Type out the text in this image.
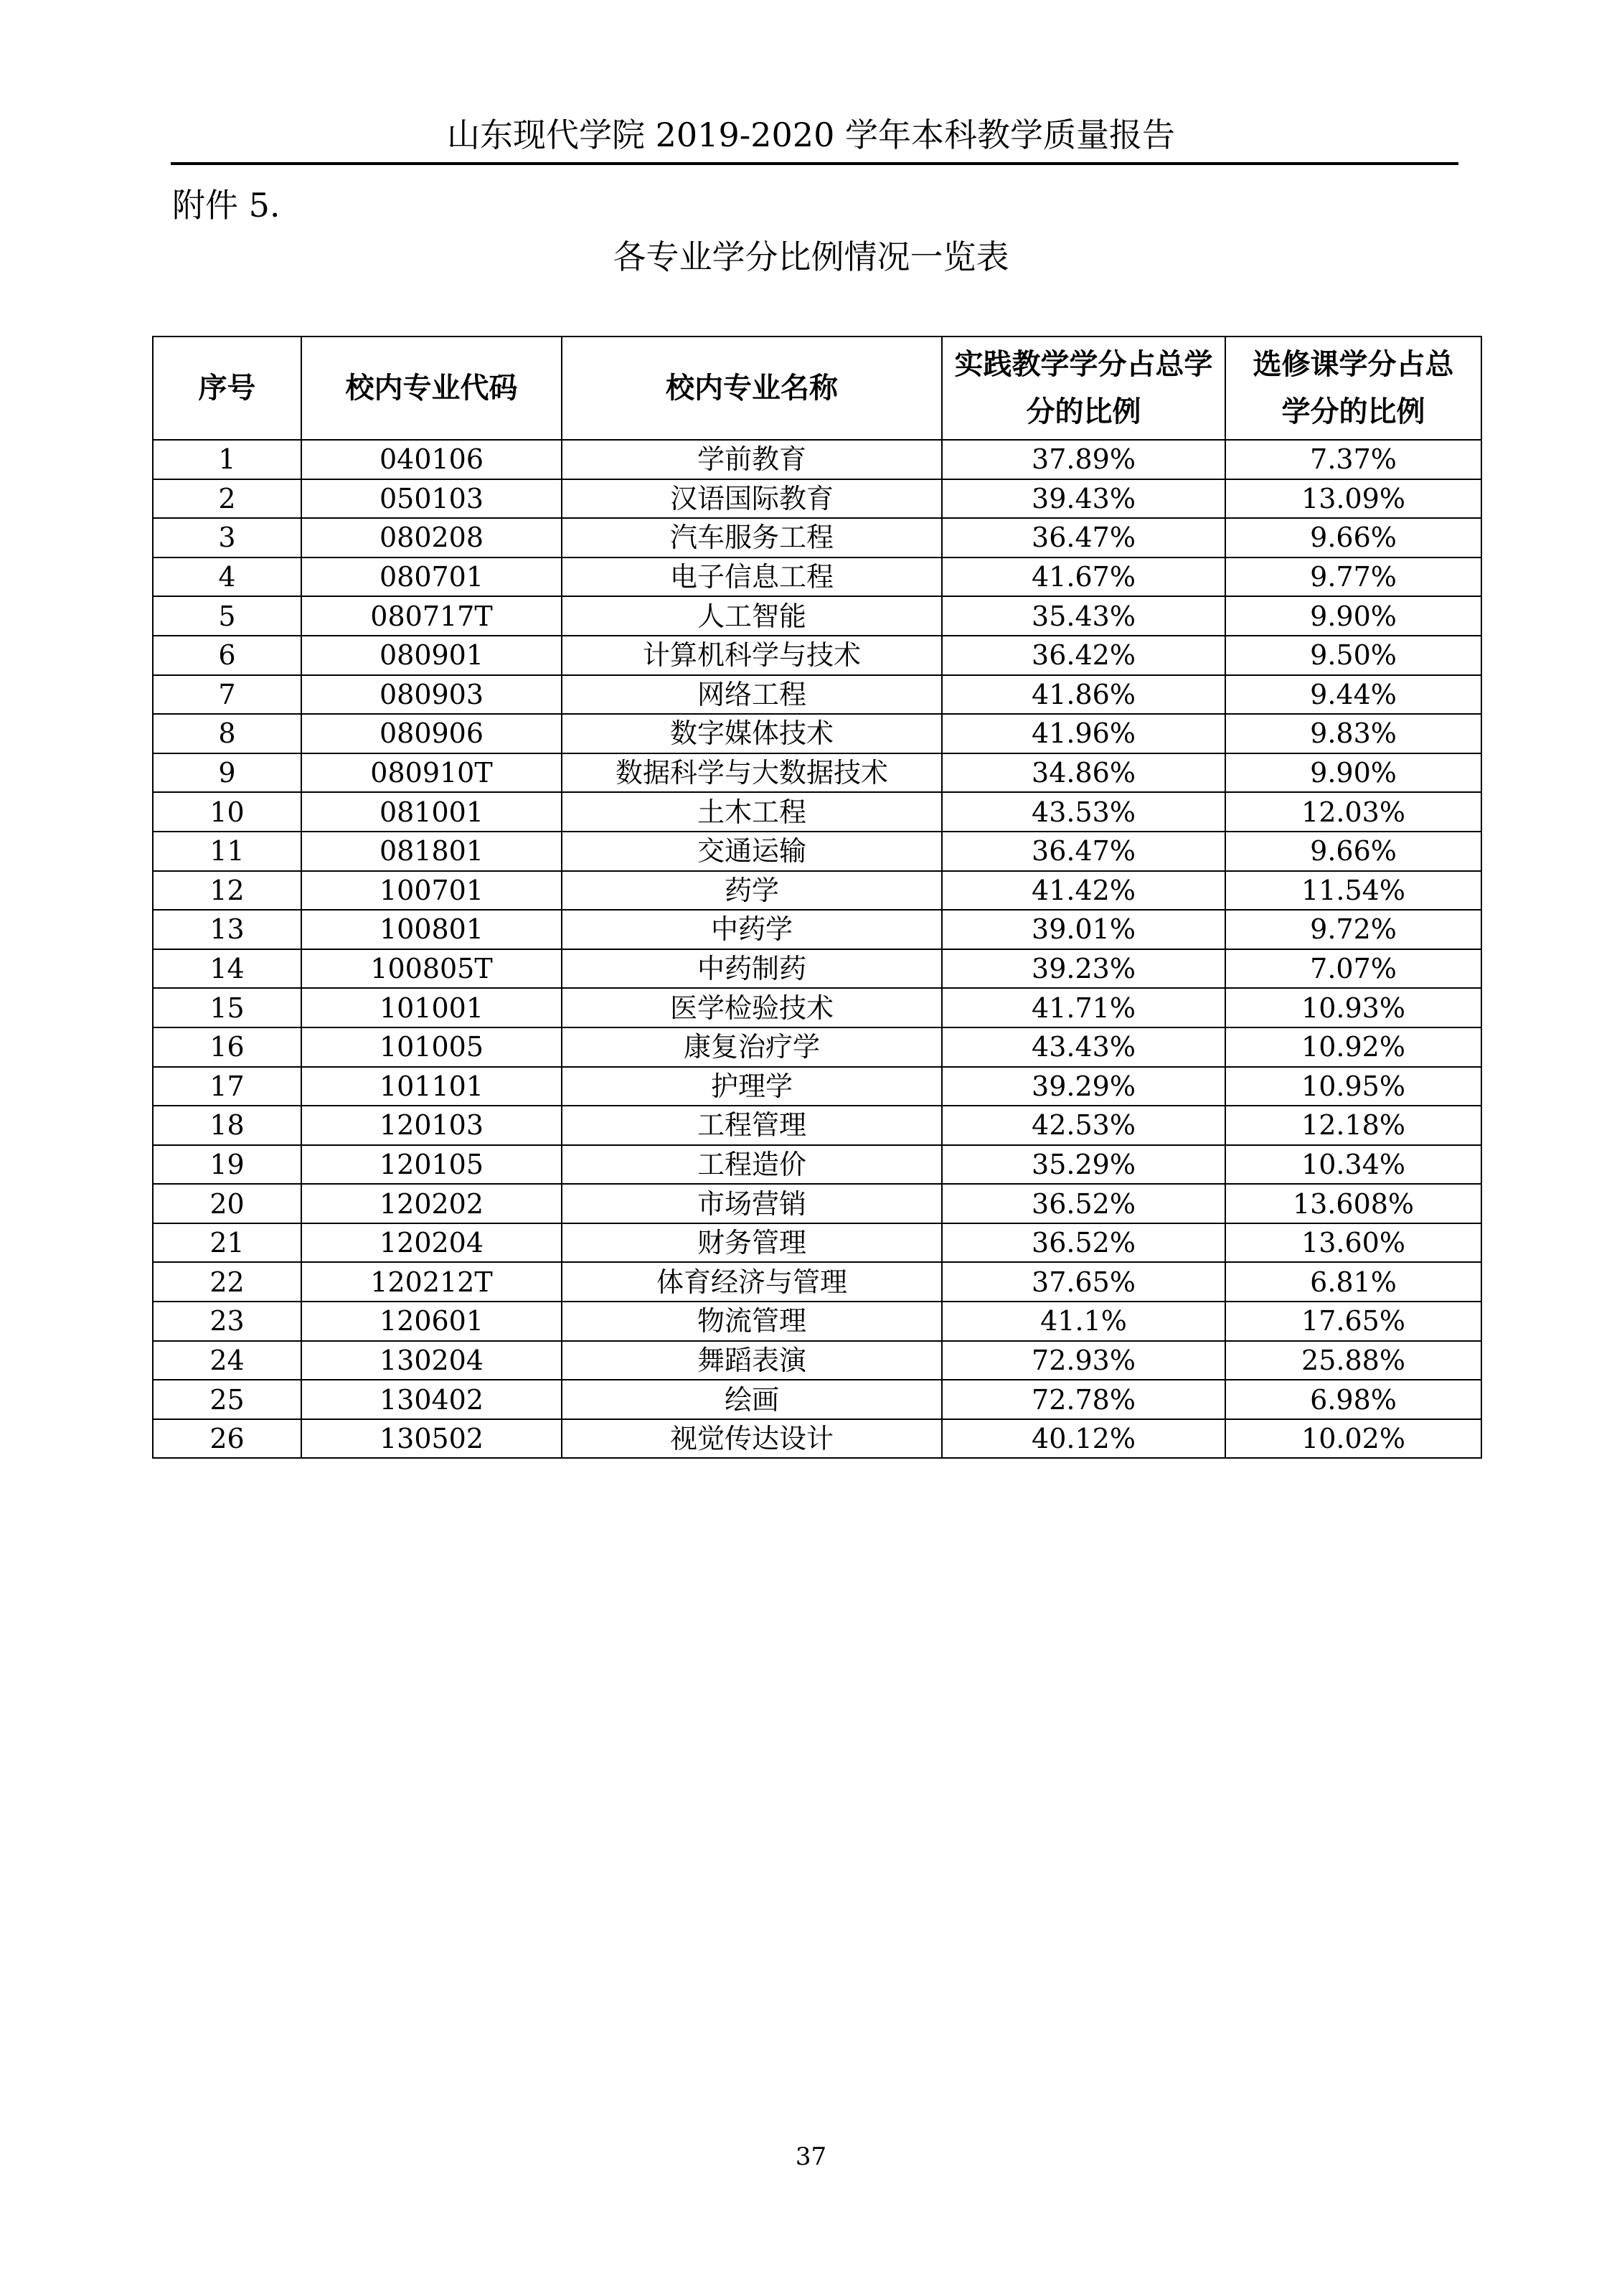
山东现代学院 2019-2020 学年本科教学质量报告
附件 5.
各专业学分比例情况一览表
序号	校内专业代码	校内专业名称	实践教学学分占总学分的比例	选修课学分占总学分的比例
1	040106	学前教育	37.89%	7.37%
2	050103	汉语国际教育	39.43%	13.09%
3	080208	汽车服务工程	36.47%	9.66%
4	080701	电子信息工程	41.67%	9.77%
5	080717T	人工智能	35.43%	9.90%
6	080901	计算机科学与技术	36.42%	9.50%
7	080903	网络工程	41.86%	9.44%
8	080906	数字媒体技术	41.96%	9.83%
9	080910T	数据科学与大数据技术	34.86%	9.90%
10	081001	土木工程	43.53%	12.03%
11	081801	交通运输	36.47%	9.66%
12	100701	药学	41.42%	11.54%
13	100801	中药学	39.01%	9.72%
14	100805T	中药制药	39.23%	7.07%
15	101001	医学检验技术	41.71%	10.93%
16	101005	康复治疗学	43.43%	10.92%
17	101101	护理学	39.29%	10.95%
18	120103	工程管理	42.53%	12.18%
19	120105	工程造价	35.29%	10.34%
20	120202	市场营销	36.52%	13.608%
21	120204	财务管理	36.52%	13.60%
22	120212T	体育经济与管理	37.65%	6.81%
23	120601	物流管理	41.1%	17.65%
24	130204	舞蹈表演	72.93%	25.88%
25	130402	绘画	72.78%	6.98%
26	130502	视觉传达设计	40.12%	10.02%
37
